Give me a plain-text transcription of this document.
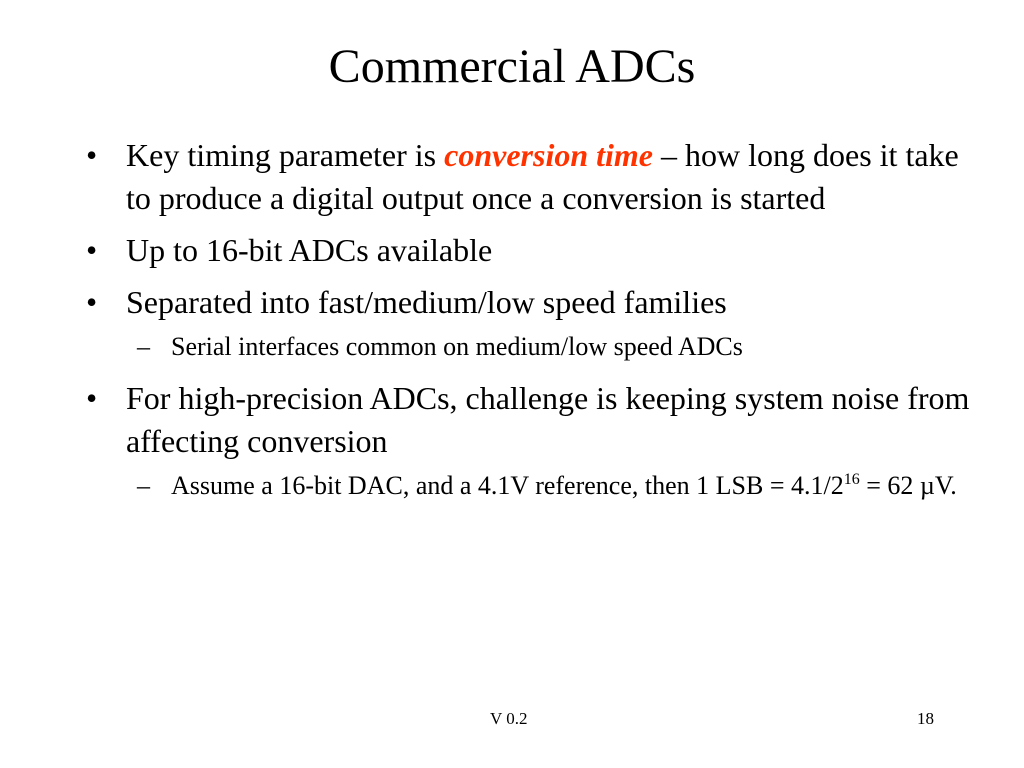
Commercial ADCs
• Key timing parameter is conversion time – how long does it take to produce a digital output once a conversion is started
• Up to 16-bit ADCs available
• Separated into fast/medium/low speed families
– Serial interfaces common on medium/low speed ADCs
• For high-precision ADCs, challenge is keeping system noise from affecting conversion
– Assume a 16-bit DAC, and a 4.1V reference, then 1 LSB = $4.1/2^{16} = 62$ µV.
V 0.2	18
